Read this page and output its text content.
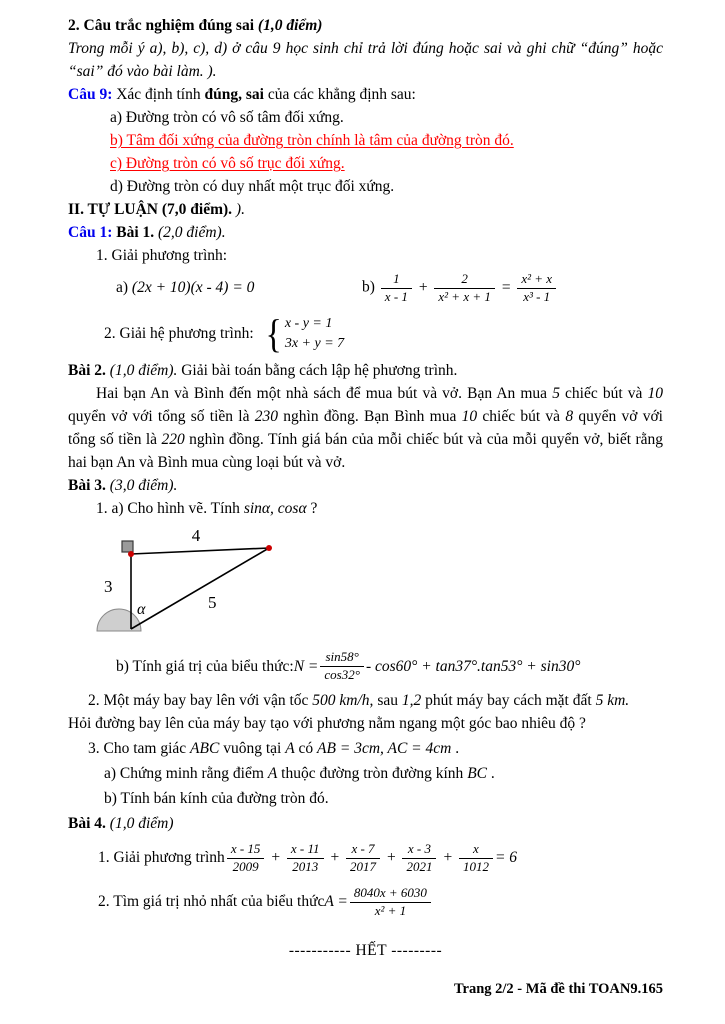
2. Câu trắc nghiệm đúng sai (1,0 điểm)

Trong mỗi ý a), b), c), d) ở câu 9 học sinh chỉ trả lời đúng hoặc sai và ghi chữ “đúng” hoặc “sai” đó vào bài làm. ).

Câu 9: Xác định tính đúng, sai của các khẳng định sau:

a) Đường tròn có vô số tâm đối xứng.

b) Tâm đối xứng của đường tròn chính là tâm của đường tròn đó.

c) Đường tròn có vô số trục đối xứng.

d) Đường tròn có duy nhất một trục đối xứng.

II. TỰ LUẬN (7,0 điểm). ).

Câu 1: Bài 1. (2,0 điểm).

1. Giải phương trình:

a) (2x + 10)(x - 4) = 0	$b) \frac{1}{x - 1} + \frac{2}{\text{x² + x + 1}} = \frac{\text{x² + x}}{\text{x³ - 1}}$
2. Giải hệ phương trình: { x - y = 1
3x + y = 7

Bài 2. (1,0 điểm). Giải bài toán bằng cách lập hệ phương trình.

Hai bạn An và Bình đến một nhà sách để mua bút và vở. Bạn An mua 5 chiếc bút và 10 quyển vở với tổng số tiền là 230 nghìn đồng. Bạn Bình mua 10 chiếc bút và 8 quyển vở với tổng số tiền là 220 nghìn đồng. Tính giá bán của mỗi chiếc bút và của mỗi quyển vở, biết rằng hai bạn An và Bình mua cùng loại bút và vở.

Bài 3. (3,0 điểm).

1. a) Cho hình vẽ. Tính sinα, cosα ?

4
3
5
α

b) Tính giá trị của biểu thức: $N = \frac{\sin 58^\circ}{\cos 32^\circ} - \cos 60^\circ + \tan 37^\circ.\tan 53^\circ + \sin 30^\circ$

2. Một máy bay bay lên với vận tốc 500 km/h, sau 1,2 phút máy bay cách mặt đất 5 km.

Hỏi đường bay lên của máy bay tạo với phương nằm ngang một góc bao nhiêu độ ?

3. Cho tam giác ABC vuông tại A có AB = 3cm, AC = 4cm .

a) Chứng minh rằng điểm A thuộc đường tròn đường kính BC .

b) Tính bán kính của đường tròn đó.

Bài 4. (1,0 điểm)

1. Giải phương trình $\frac{x - 15}{2009} + \frac{x - 11}{2013} + \frac{x - 7}{2017} + \frac{x - 3}{2021} + \frac{x}{1012} = 6$
2. Tìm giá trị nhỏ nhất của biểu thức $A = \frac{8040x + 6030}{\text{x² + 1}}$

----------- HẾT ---------

Trang 2/2 - Mã đề thi TOAN9.165
